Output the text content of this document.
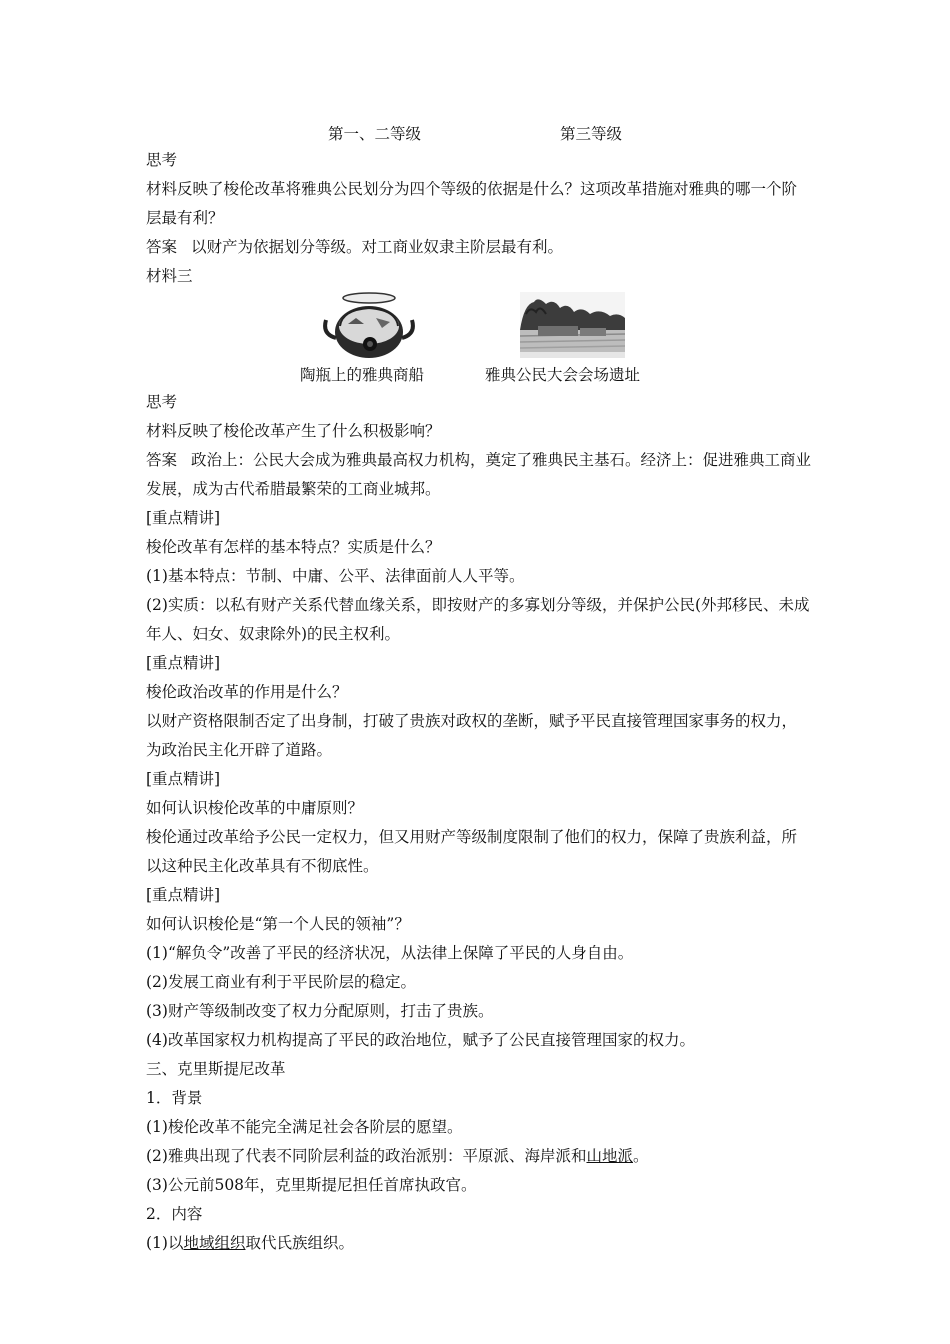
第一、二等级	第三等级

思考

材料反映了梭伦改革将雅典公民划分为四个等级的依据是什么？这项改革措施对雅典的哪一个阶层最有利？

答案 以财产为依据划分等级。对工商业奴隶主阶层最有利。

材料三

陶瓶上的雅典商船	雅典公民大会会场遗址

思考

材料反映了梭伦改革产生了什么积极影响？

答案 政治上：公民大会成为雅典最高权力机构，奠定了雅典民主基石。经济上：促进雅典工商业发展，成为古代希腊最繁荣的工商业城邦。

[重点精讲]

梭伦改革有怎样的基本特点？实质是什么？

(1)基本特点：节制、中庸、公平、法律面前人人平等。

(2)实质：以私有财产关系代替血缘关系，即按财产的多寡划分等级，并保护公民(外邦移民、未成年人、妇女、奴隶除外)的民主权利。

[重点精讲]

梭伦政治改革的作用是什么？

以财产资格限制否定了出身制，打破了贵族对政权的垄断，赋予平民直接管理国家事务的权力，为政治民主化开辟了道路。

[重点精讲]

如何认识梭伦改革的中庸原则？

梭伦通过改革给予公民一定权力，但又用财产等级制度限制了他们的权力，保障了贵族利益，所以这种民主化改革具有不彻底性。

[重点精讲]

如何认识梭伦是“第一个人民的领袖”？

(1)“解负令”改善了平民的经济状况，从法律上保障了平民的人身自由。

(2)发展工商业有利于平民阶层的稳定。

(3)财产等级制改变了权力分配原则，打击了贵族。

(4)改革国家权力机构提高了平民的政治地位，赋予了公民直接管理国家的权力。

三、克里斯提尼改革

1．背景

(1)梭伦改革不能完全满足社会各阶层的愿望。

(2)雅典出现了代表不同阶层利益的政治派别：平原派、海岸派和山地派。

(3)公元前508年，克里斯提尼担任首席执政官。

2．内容

(1)以地域组织取代氏族组织。
